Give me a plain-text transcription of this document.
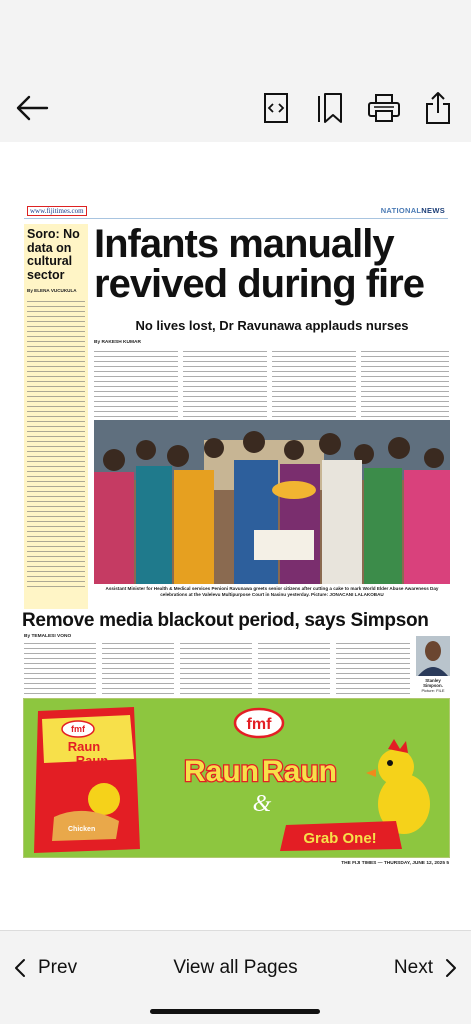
www.fijitimes.com	NATIONALNEWS
Soro: No data on cultural sector
By ELENA VUCUKULA
Infants manually revived during fire
No lives lost, Dr Ravunawa applauds nurses
By RAKESH KUMAR
Assistant Minister for Health & Medical services Penioni Ravunawa greets senior citizens after cutting a cake to mark World Elder Abuse Awareness Day celebrations at the Valelevu Multipurpose Court in Nasinu yesterday. Picture: JONACANI LALAKOBAU
Remove media blackout period, says Simpson
By TEMALESI VONO
Stanley Simpson.
Picture: FILE
fmf
Raun
Raun
Chicken
fmf
Raun Raun
&
Grab One!
THE FIJI TIMES — THURSDAY, JUNE 12, 2025 5
Prev	View all Pages	Next
